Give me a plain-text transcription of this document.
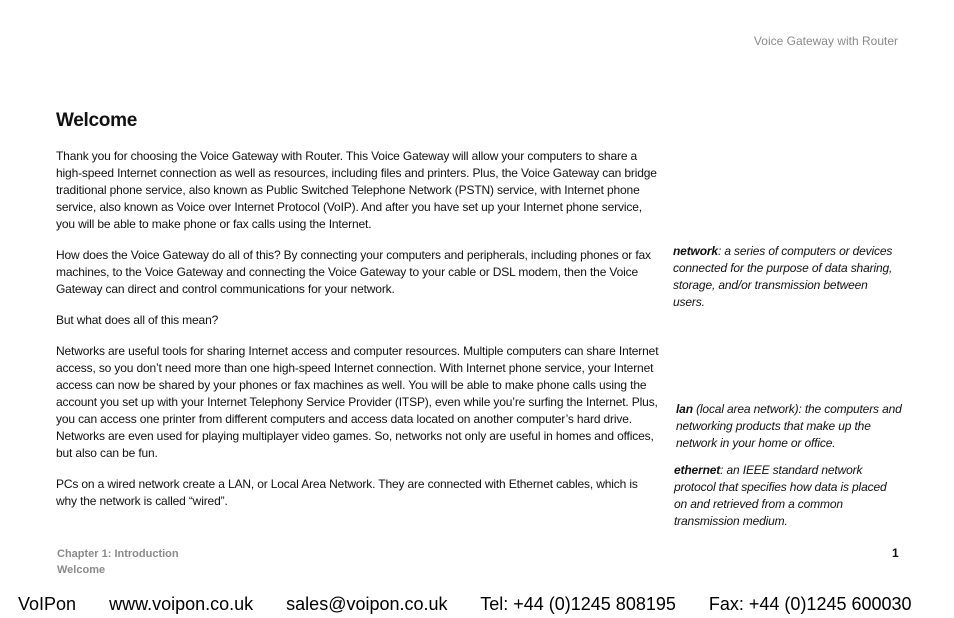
Voice Gateway with Router
Welcome

Thank you for choosing the Voice Gateway with Router. This Voice Gateway will allow your computers to share a high-speed Internet connection as well as resources, including files and printers. Plus, the Voice Gateway can bridge traditional phone service, also known as Public Switched Telephone Network (PSTN) service, with Internet phone service, also known as Voice over Internet Protocol (VoIP). And after you have set up your Internet phone service, you will be able to make phone or fax calls using the Internet.

How does the Voice Gateway do all of this? By connecting your computers and peripherals, including phones or fax machines, to the Voice Gateway and connecting the Voice Gateway to your cable or DSL modem, then the Voice Gateway can direct and control communications for your network.

But what does all of this mean?

Networks are useful tools for sharing Internet access and computer resources. Multiple computers can share Internet access, so you don’t need more than one high-speed Internet connection. With Internet phone service, your Internet access can now be shared by your phones or fax machines as well. You will be able to make phone calls using the account you set up with your Internet Telephony Service Provider (ITSP), even while you’re surfing the Internet. Plus, you can access one printer from different computers and access data located on another computer’s hard drive. Networks are even used for playing multiplayer video games. So, networks not only are useful in homes and offices, but also can be fun.

PCs on a wired network create a LAN, or Local Area Network. They are connected with Ethernet cables, which is why the network is called “wired”.

network: a series of computers or devices connected for the purpose of data sharing, storage, and/or transmission between users.
lan (local area network): the computers and networking products that make up the network in your home or office.
ethernet: an IEEE standard network protocol that specifies how data is placed on and retrieved from a common transmission medium.
Chapter 1: Introduction
Welcome
1
VoIPon www.voipon.co.uk sales@voipon.co.uk Tel: +44 (0)1245 808195 Fax: +44 (0)1245 600030
